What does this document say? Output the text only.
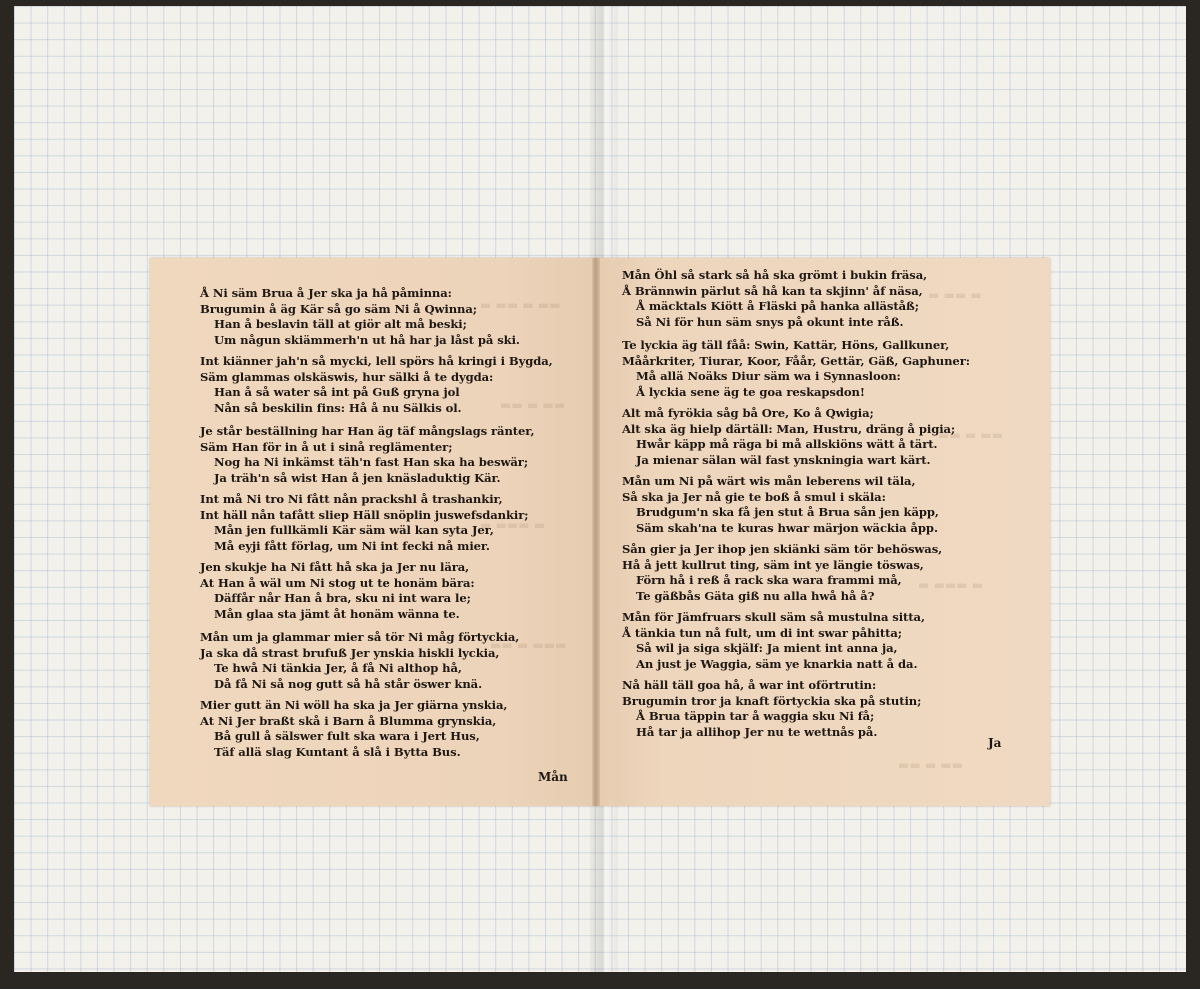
▬ ▬▬ ▬ ▬▬
▬▬ ▬ ▬▬
▬ ▬▬▬ ▬
▬▬ ▬ ▬▬▬
▬ ▬▬ ▬
▬▬ ▬ ▬▬
▬ ▬▬▬ ▬
▬▬ ▬ ▬▬
Å Ni säm Brua å Jer ska ja hå påminna:
Brugumin å äg Kär så go säm Ni å Qwinna;
Han å beslavin täll at giör alt må beski;
Um någun skiämmerh'n ut hå har ja låst på ski.
Int kiänner jah'n så mycki, lell spörs hå kringi i Bygda,
Säm glammas olskäswis, hur sälki å te dygda:
Han å så water så int på Guß gryna jol
Nån så beskilin fins: Hå å nu Sälkis ol.
Je står beställning har Han äg täf mångslags ränter,
Säm Han för in å ut i sinå reglämenter;
Nog ha Ni inkämst täh'n fast Han ska ha beswär;
Ja träh'n så wist Han å jen knäsladuktig Kär.
Int må Ni tro Ni fått nån prackshl å trashankir,
Int häll nån tafått sliep Häll snöplin juswefsdankir;
Mån jen fullkämli Kär säm wäl kan syta Jer,
Må eyji fått förlag, um Ni int fecki nå mier.
Jen skukje ha Ni fått hå ska ja Jer nu lära,
At Han å wäl um Ni stog ut te honäm bära:
Däffår når Han å bra, sku ni int wara le;
Mån glaa sta jämt åt honäm wänna te.
Mån um ja glammar mier så tör Ni måg förtyckia,
Ja ska då strast brufuß Jer ynskia hiskli lyckia,
Te hwå Ni tänkia Jer, å få Ni althop hå,
Då få Ni så nog gutt så hå står öswer knä.
Mier gutt än Ni wöll ha ska ja Jer giärna ynskia,
At Ni Jer braßt skå i Barn å Blumma grynskia,
Bå gull å sälswer fult ska wara i Jert Hus,
Täf allä slag Kuntant å slå i Bytta Bus.
Mån
Mån Öhl så stark så hå ska grömt i bukin fräsa,
Å Brännwin pärlut så hå kan ta skjinn' åf näsa,
Å mäcktals Kiött å Fläski på hanka alläståß;
Så Ni för hun säm snys på okunt inte råß.
Te lyckia äg täll fåå: Swin, Kattär, Höns, Gallkuner,
Måårkriter, Tiurar, Koor, Fåår, Gettär, Gäß, Gaphuner:
Må allä Noäks Diur säm wa i Synnasloon:
Å lyckia sene äg te goa reskapsdon!
Alt må fyrökia såg bå Ore, Ko å Qwigia;
Alt ska äg hielp därtäll: Man, Hustru, dräng å pigia;
Hwår käpp må räga bi må allskiöns wätt å tärt.
Ja mienar sälan wäl fast ynskningia wart kärt.
Mån um Ni på wärt wis mån leberens wil täla,
Så ska ja Jer nå gie te boß å smul i skäla:
Brudgum'n ska få jen stut å Brua sån jen käpp,
Säm skah'na te kuras hwar märjon wäckia åpp.
Sån gier ja Jer ihop jen skiänki säm tör behöswas,
Hå å jett kullrut ting, säm int ye längie töswas,
Förn hå i reß å rack ska wara frammi må,
Te gäßbås Gäta giß nu alla hwå hå å?
Mån för Jämfruars skull säm så mustulna sitta,
Å tänkia tun nå fult, um di int swar påhitta;
Så wil ja siga skjälf: Ja mient int anna ja,
An just je Waggia, säm ye knarkia natt å da.
Nå häll täll goa hå, å war int oförtrutin:
Brugumin tror ja knaft förtyckia ska på stutin;
Å Brua täppin tar å waggia sku Ni få;
Hå tar ja allihop Jer nu te wettnås på.
Ja
